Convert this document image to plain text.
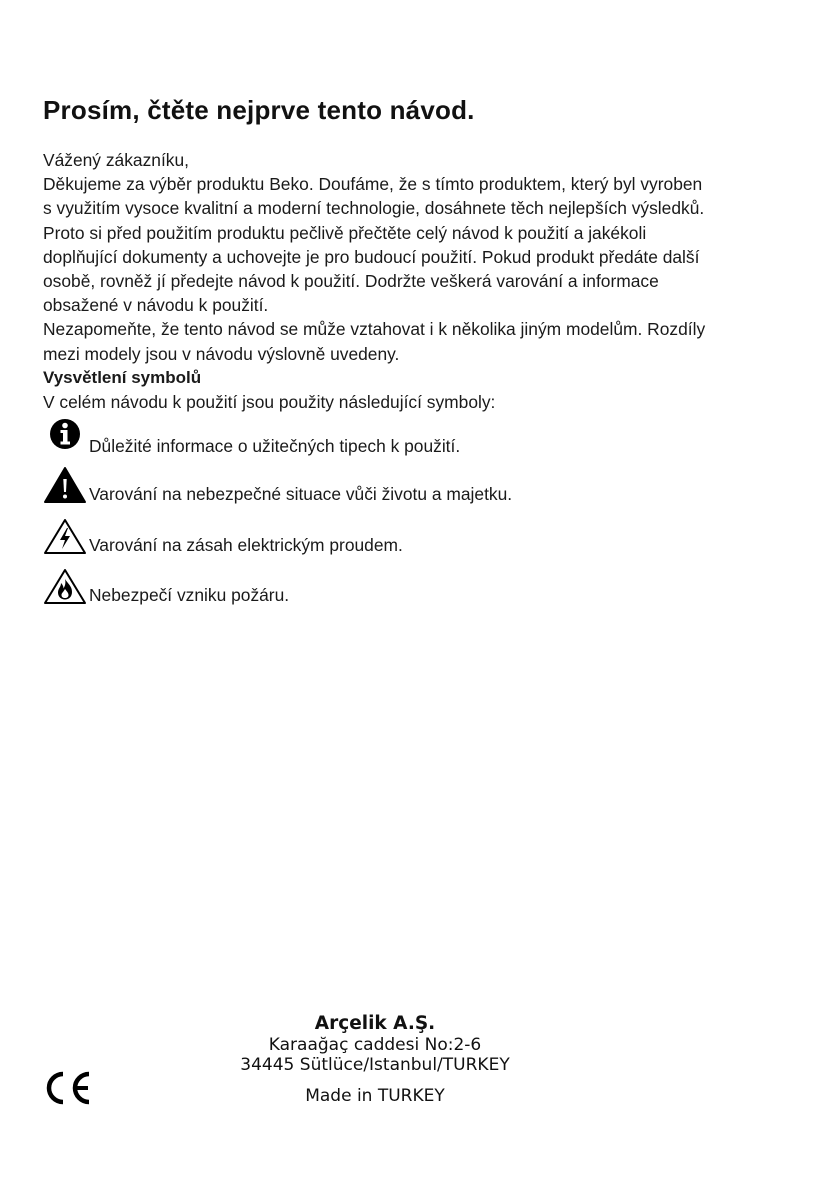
Prosím, čtěte nejprve tento návod.
Vážený zákazníku,
Děkujeme za výběr produktu Beko. Doufáme, že s tímto produktem, který byl vyroben
s využitím vysoce kvalitní a moderní technologie, dosáhnete těch nejlepších výsledků.
Proto si před použitím produktu pečlivě přečtěte celý návod k použití a jakékoli
doplňující dokumenty a uchovejte je pro budoucí použití. Pokud produkt předáte další
osobě, rovněž jí předejte návod k použití. Dodržte veškerá varování a informace
obsažené v návodu k použití.
Nezapomeňte, že tento návod se může vztahovat i k několika jiným modelům. Rozdíly
mezi modely jsou v návodu výslovně uvedeny.
Vysvětlení symbolů
V celém návodu k použití jsou použity následující symboly:
Důležité informace o užitečných tipech k použití.
Varování na nebezpečné situace vůči životu a majetku.
Varování na zásah elektrickým proudem.
Nebezpečí vzniku požáru.
Arçelik A.Ş.
Karaağaç caddesi No:2-6
34445 Sütlüce/Istanbul/TURKEY
Made in TURKEY
